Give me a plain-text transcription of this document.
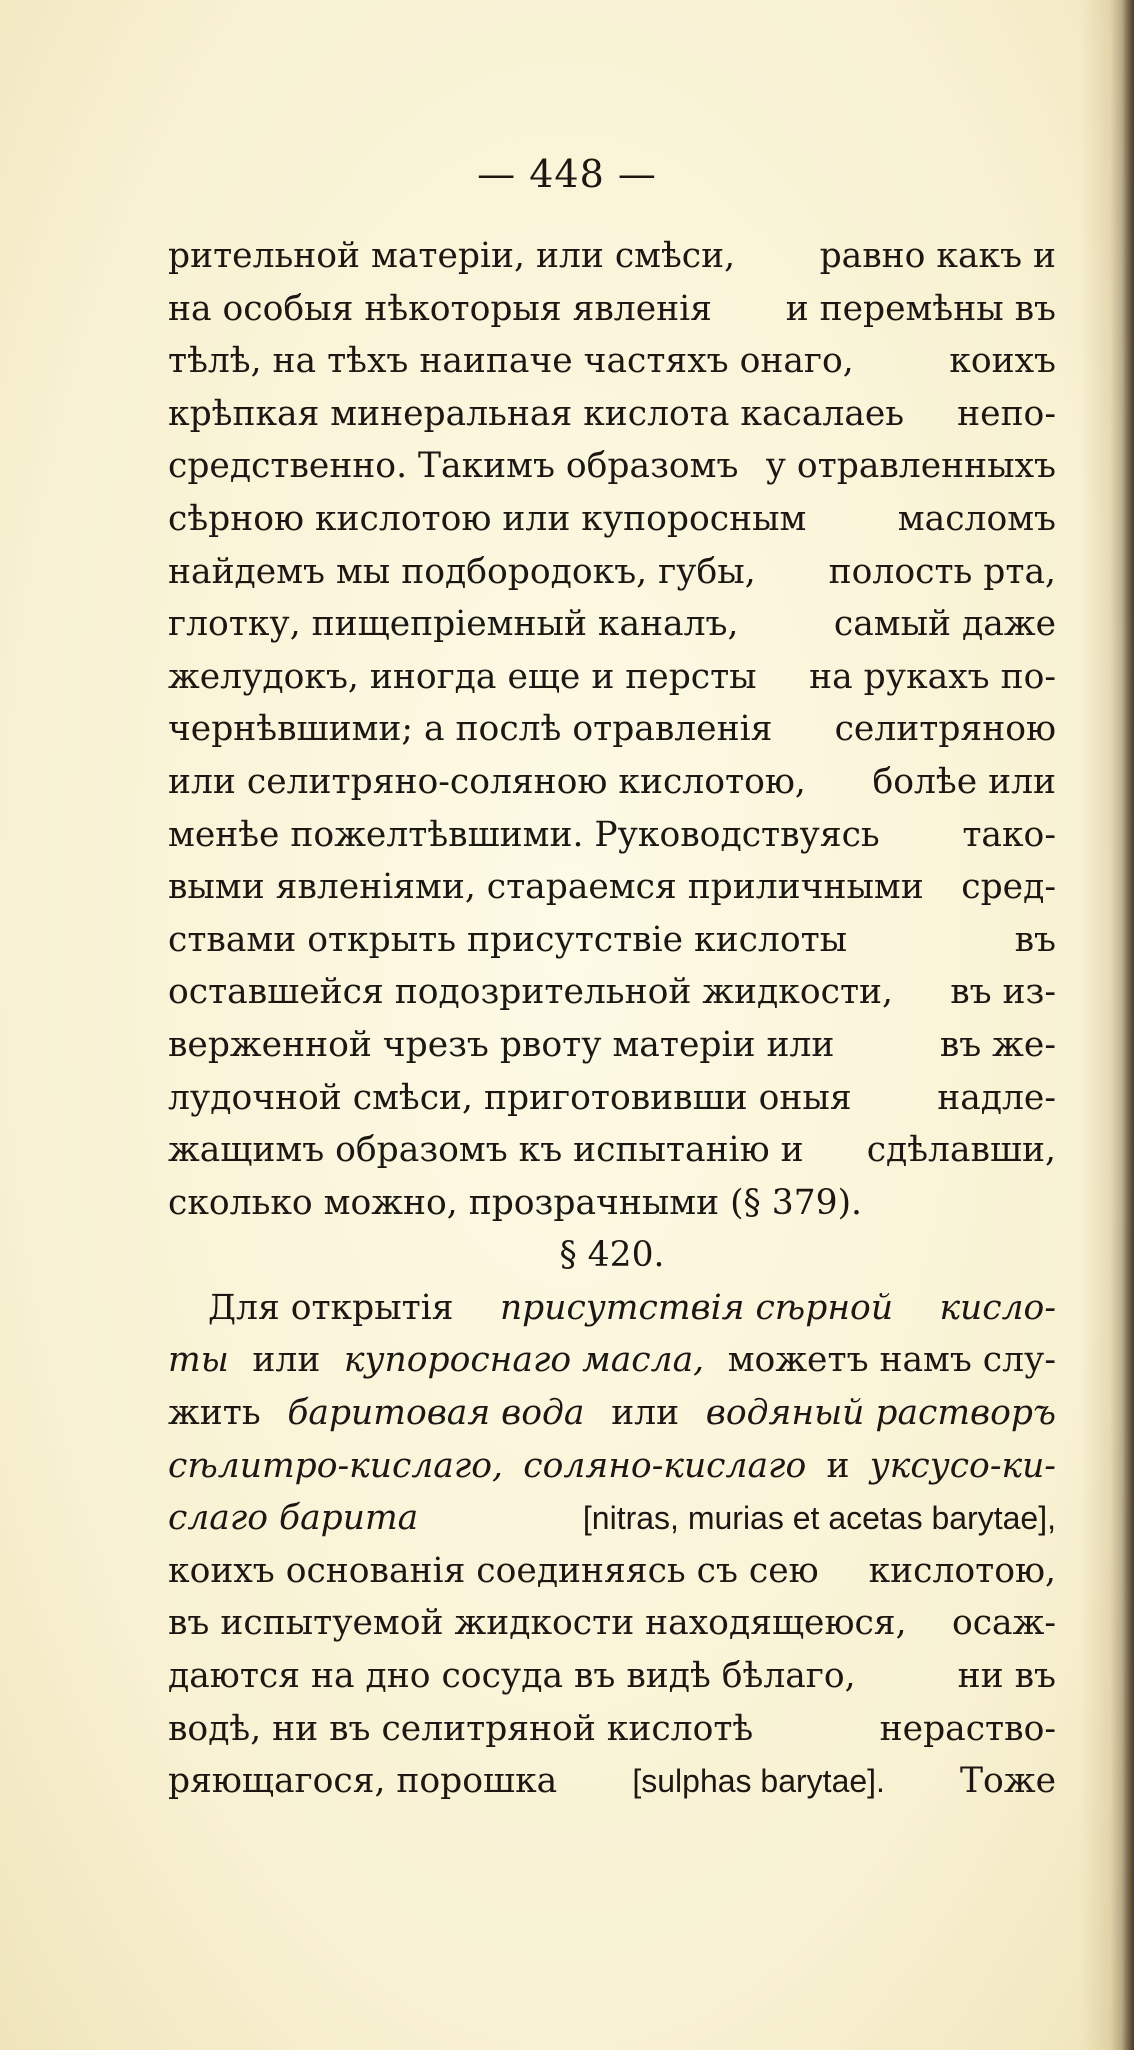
— 448 —
рительной матеріи, или смѣси, равно какъ и
на особыя нѣкоторыя явленія и перемѣны въ
тѣлѣ, на тѣхъ наипаче частяхъ онаго,	коихъ
крѣпкая минеральная кислота касалаеь непо-
средственно. Такимъ образомъ у отравленныхъ
сѣрною кислотою или купоросным	масломъ
найдемъ мы подбородокъ, губы, полость рта,
глотку, пищепріемный каналъ,	самый даже
желудокъ, иногда еще и персты на рукахъ по-
чернѣвшими; а послѣ отравленія селитряною
или селитряно-соляною кислотою, болѣе или
менѣе пожелтѣвшими. Руководствуясь тако-
выми явленіями, стараемся приличными сред-
ствами открыть присутствіе кислоты	въ
оставшейся подозрительной жидкости, въ из-
верженной чрезъ рвоту матеріи или	въ же-
лудочной смѣси, приготовивши оныя надле-
жащимъ образомъ къ испытанію и сдѣлавши,
сколько можно, прозрачными (§ 379).
§ 420.
Для открытія присутствія сѣрной кисло-
ты или купороснаго масла, можетъ намъ слу-
жить баритовая вода или водяный растворъ
сѣлитро-кислаго, соляно-кислаго и уксусо-ки-
слаго барита	[nitras, murias et acetas barytae],
коихъ основанія соединяясь съ сею кислотою,
въ испытуемой жидкости находящеюся, осаж-
даются на дно сосуда въ видѣ бѣлаго,	ни въ
водѣ, ни въ селитряной кислотѣ	нераство-
ряющагося, порошка [sulphas barytae]. Тоже
